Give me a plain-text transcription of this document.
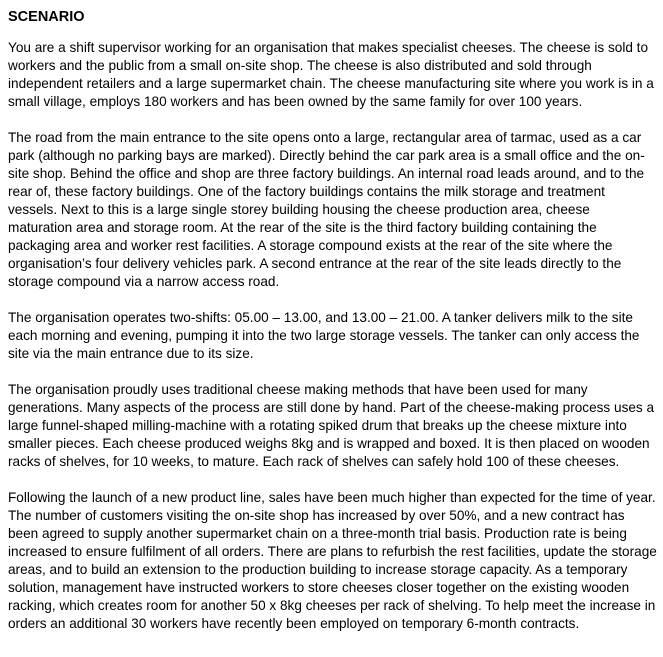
SCENARIO

You are a shift supervisor working for an organisation that makes specialist cheeses. The cheese is sold to workers and the public from a small on-site shop. The cheese is also distributed and sold through independent retailers and a large supermarket chain. The cheese manufacturing site where you work is in a small village, employs 180 workers and has been owned by the same family for over 100 years.

The road from the main entrance to the site opens onto a large, rectangular area of tarmac, used as a car park (although no parking bays are marked). Directly behind the car park area is a small office and the on-site shop. Behind the office and shop are three factory buildings. An internal road leads around, and to the rear of, these factory buildings. One of the factory buildings contains the milk storage and treatment vessels. Next to this is a large single storey building housing the cheese production area, cheese maturation area and storage room. At the rear of the site is the third factory building containing the packaging area and worker rest facilities. A storage compound exists at the rear of the site where the organisation’s four delivery vehicles park. A second entrance at the rear of the site leads directly to the storage compound via a narrow access road.

The organisation operates two-shifts: 05.00 – 13.00, and 13.00 – 21.00. A tanker delivers milk to the site each morning and evening, pumping it into the two large storage vessels. The tanker can only access the site via the main entrance due to its size.

The organisation proudly uses traditional cheese making methods that have been used for many generations. Many aspects of the process are still done by hand. Part of the cheese-making process uses a large funnel-shaped milling-machine with a rotating spiked drum that breaks up the cheese mixture into smaller pieces. Each cheese produced weighs 8kg and is wrapped and boxed. It is then placed on wooden racks of shelves, for 10 weeks, to mature. Each rack of shelves can safely hold 100 of these cheeses.

Following the launch of a new product line, sales have been much higher than expected for the time of year. The number of customers visiting the on-site shop has increased by over 50%, and a new contract has been agreed to supply another supermarket chain on a three-month trial basis. Production rate is being increased to ensure fulfilment of all orders. There are plans to refurbish the rest facilities, update the storage areas, and to build an extension to the production building to increase storage capacity. As a temporary solution, management have instructed workers to store cheeses closer together on the existing wooden racking, which creates room for another 50 x 8kg cheeses per rack of shelving. To help meet the increase in orders an additional 30 workers have recently been employed on temporary 6-month contracts.
